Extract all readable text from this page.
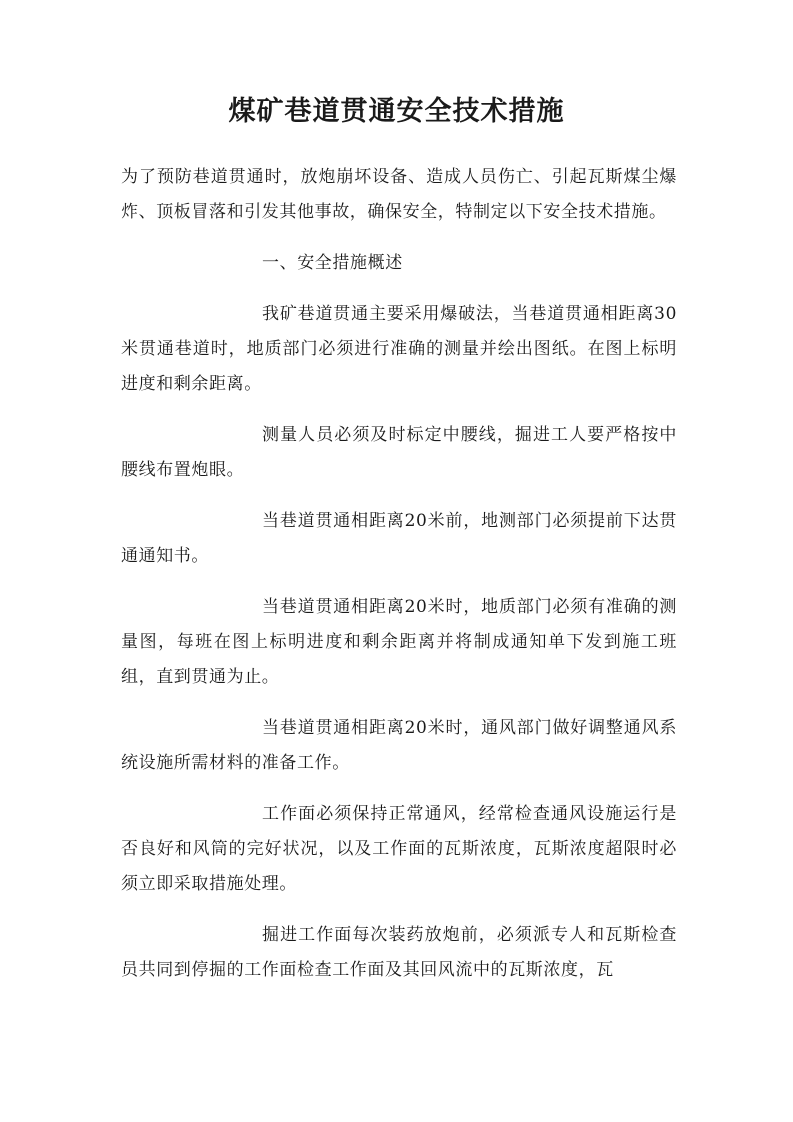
煤矿巷道贯通安全技术措施

为了预防巷道贯通时，放炮崩坏设备、造成人员伤亡、引起瓦斯煤尘爆炸、顶板冒落和引发其他事故，确保安全，特制定以下安全技术措施。

一、安全措施概述

我矿巷道贯通主要采用爆破法，当巷道贯通相距离30米贯通巷道时，地质部门必须进行准确的测量并绘出图纸。在图上标明进度和剩余距离。

测量人员必须及时标定中腰线，掘进工人要严格按中腰线布置炮眼。

当巷道贯通相距离20米前，地测部门必须提前下达贯通通知书。

当巷道贯通相距离20米时，地质部门必须有准确的测量图，每班在图上标明进度和剩余距离并将制成通知单下发到施工班组，直到贯通为止。

当巷道贯通相距离20米时，通风部门做好调整通风系统设施所需材料的准备工作。

工作面必须保持正常通风，经常检查通风设施运行是否良好和风筒的完好状况，以及工作面的瓦斯浓度，瓦斯浓度超限时必须立即采取措施处理。

掘进工作面每次装药放炮前，必须派专人和瓦斯检查员共同到停掘的工作面检查工作面及其回风流中的瓦斯浓度，瓦
